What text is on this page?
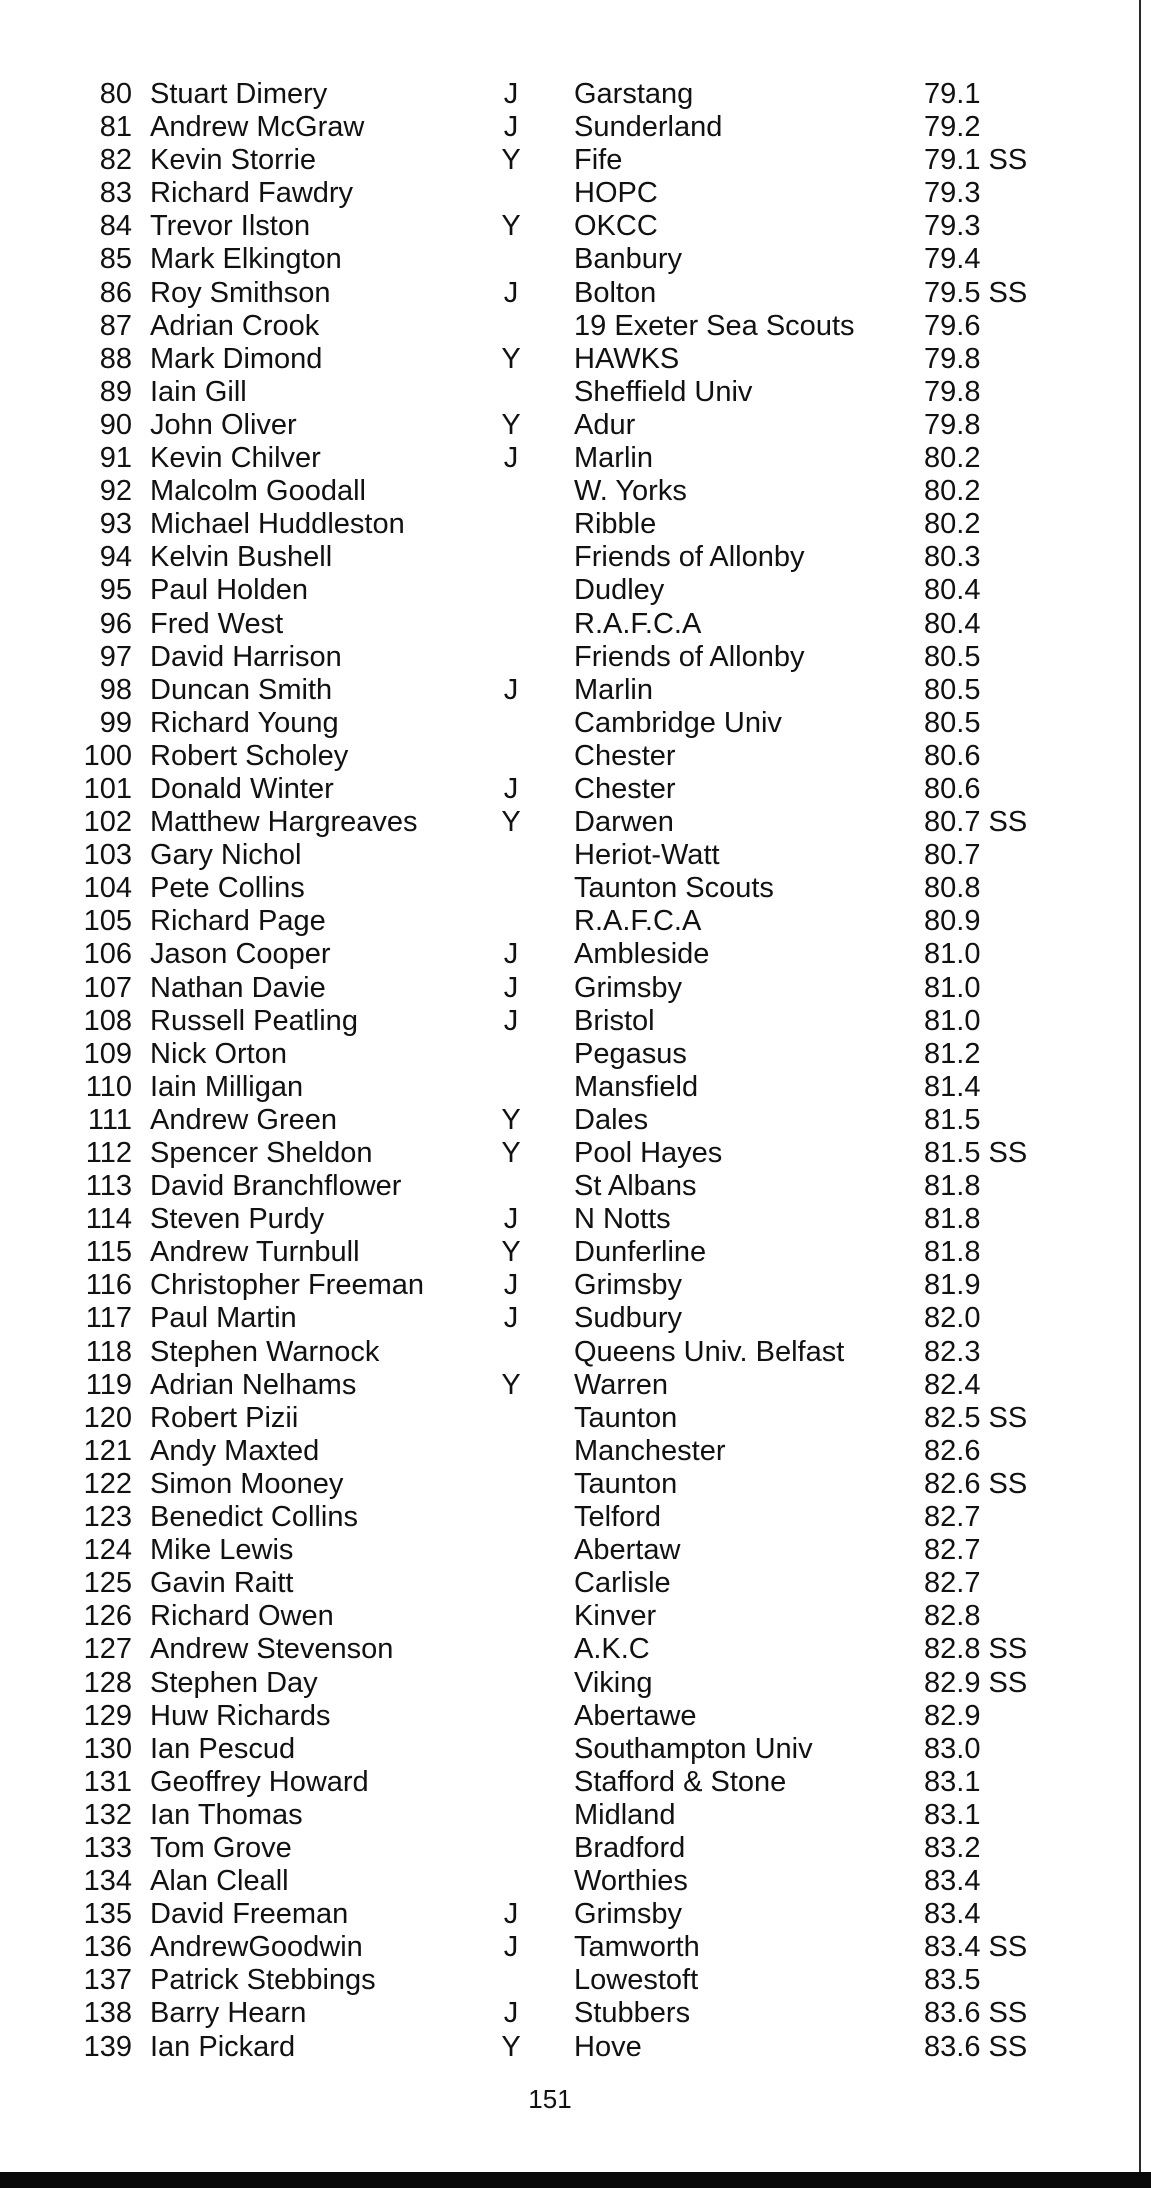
80 Stuart Dimery	J Garstang	79.1
81 Andrew McGraw	J Sunderland	79.2
82 Kevin Storrie	Y Fife	79.1 SS
83 Richard Fawdry	HOPC	79.3
84 Trevor Ilston	Y OKCC	79.3
85 Mark Elkington	Banbury	79.4
86 Roy Smithson	J Bolton	79.5 SS
87 Adrian Crook	19 Exeter Sea Scouts 79.6
88 Mark Dimond	Y HAWKS	79.8
89 Iain Gill	Sheffield Univ	79.8
90 John Oliver	Y Adur	79.8
91 Kevin Chilver	J Marlin	80.2
92 Malcolm Goodall	W. Yorks	80.2
93 Michael Huddleston	Ribble	80.2
94 Kelvin Bushell	Friends of Allonby	80.3
95 Paul Holden	Dudley	80.4
96 Fred West	R.A.F.C.A	80.4
97 David Harrison	Friends of Allonby	80.5
98 Duncan Smith	J Marlin	80.5
99 Richard Young	Cambridge Univ	80.5
100 Robert Scholey	Chester	80.6
101 Donald Winter	J Chester	80.6
102 Matthew Hargreaves	Y Darwen	80.7 SS
103 Gary Nichol	Heriot-Watt	80.7
104 Pete Collins	Taunton Scouts	80.8
105 Richard Page	R.A.F.C.A	80.9
106 Jason Cooper	J Ambleside	81.0
107 Nathan Davie	J Grimsby	81.0
108 Russell Peatling	J Bristol	81.0
109 Nick Orton	Pegasus	81.2
110 Iain Milligan	Mansfield	81.4
111 Andrew Green	Y Dales	81.5
112 Spencer Sheldon	Y Pool Hayes	81.5 SS
113 David Branchflower	St Albans	81.8
114 Steven Purdy	J N Notts	81.8
115 Andrew Turnbull	Y Dunferline	81.8
116 Christopher Freeman	J Grimsby	81.9
117 Paul Martin	J Sudbury	82.0
118 Stephen Warnock	Queens Univ. Belfast	82.3
119 Adrian Nelhams	Y Warren	82.4
120 Robert Pizii	Taunton	82.5 SS
121 Andy Maxted	Manchester	82.6
122 Simon Mooney	Taunton	82.6 SS
123 Benedict Collins	Telford	82.7
124 Mike Lewis	Abertaw	82.7
125 Gavin Raitt	Carlisle	82.7
126 Richard Owen	Kinver	82.8
127 Andrew Stevenson	A.K.C	82.8 SS
128 Stephen Day	Viking	82.9 SS
129 Huw Richards	Abertawe	82.9
130 Ian Pescud	Southampton Univ	83.0
131 Geoffrey Howard	Stafford & Stone	83.1
132 Ian Thomas	Midland	83.1
133 Tom Grove	Bradford	83.2
134 Alan Cleall	Worthies	83.4
135 David Freeman	J Grimsby	83.4
136 AndrewGoodwin	J Tamworth	83.4 SS
137 Patrick Stebbings	Lowestoft	83.5
138 Barry Hearn	J Stubbers	83.6 SS
139 Ian Pickard	Y Hove	83.6 SS
151
